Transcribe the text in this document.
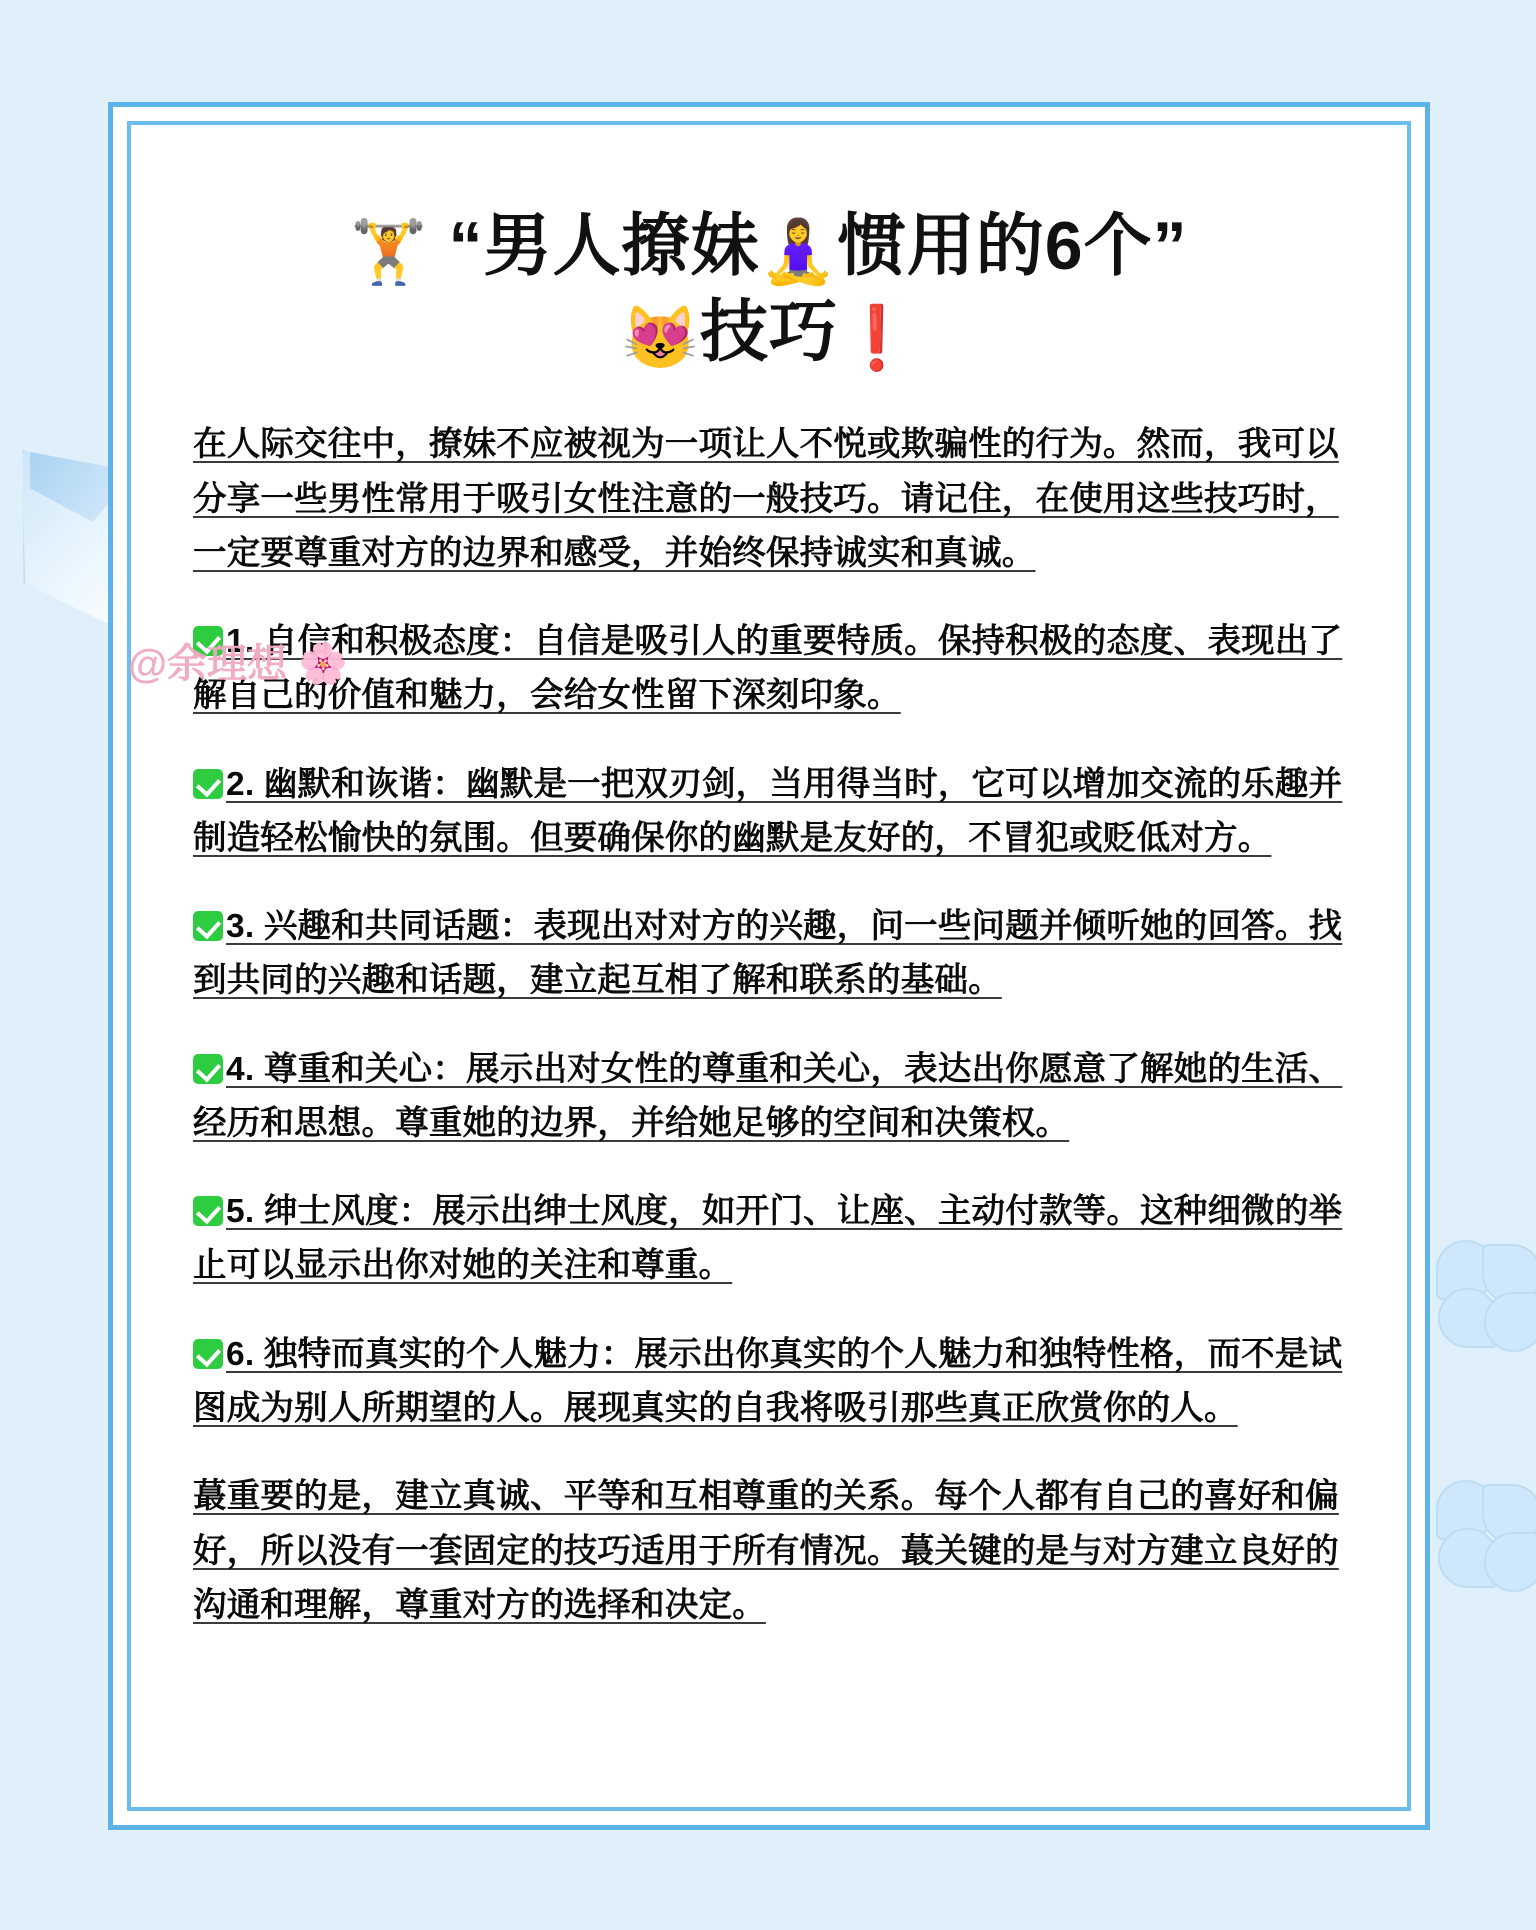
🏋️ “男人撩妹🧘‍♀️惯用的6个”
😻技巧❗

在人际交往中，撩妹不应被视为一项让人不悦或欺骗性的行为。然而，我可以分享一些男性常用于吸引女性注意的一般技巧。请记住，在使用这些技巧时，一定要尊重对方的边界和感受，并始终保持诚实和真诚。

1. 自信和积极态度：自信是吸引人的重要特质。保持积极的态度、表现出了解自己的价值和魅力，会给女性留下深刻印象。

2. 幽默和诙谐：幽默是一把双刃剑，当用得当时，它可以增加交流的乐趣并制造轻松愉快的氛围。但要确保你的幽默是友好的，不冒犯或贬低对方。

3. 兴趣和共同话题：表现出对对方的兴趣，问一些问题并倾听她的回答。找到共同的兴趣和话题，建立起互相了解和联系的基础。

4. 尊重和关心：展示出对女性的尊重和关心，表达出你愿意了解她的生活、经历和思想。尊重她的边界，并给她足够的空间和决策权。

5. 绅士风度：展示出绅士风度，如开门、让座、主动付款等。这种细微的举止可以显示出你对她的关注和尊重。

6. 独特而真实的个人魅力：展示出你真实的个人魅力和独特性格，而不是试图成为别人所期望的人。展现真实的自我将吸引那些真正欣赏你的人。

蕞重要的是，建立真诚、平等和互相尊重的关系。每个人都有自己的喜好和偏好，所以没有一套固定的技巧适用于所有情况。蕞关键的是与对方建立良好的沟通和理解，尊重对方的选择和决定。

@余理想 🌸
